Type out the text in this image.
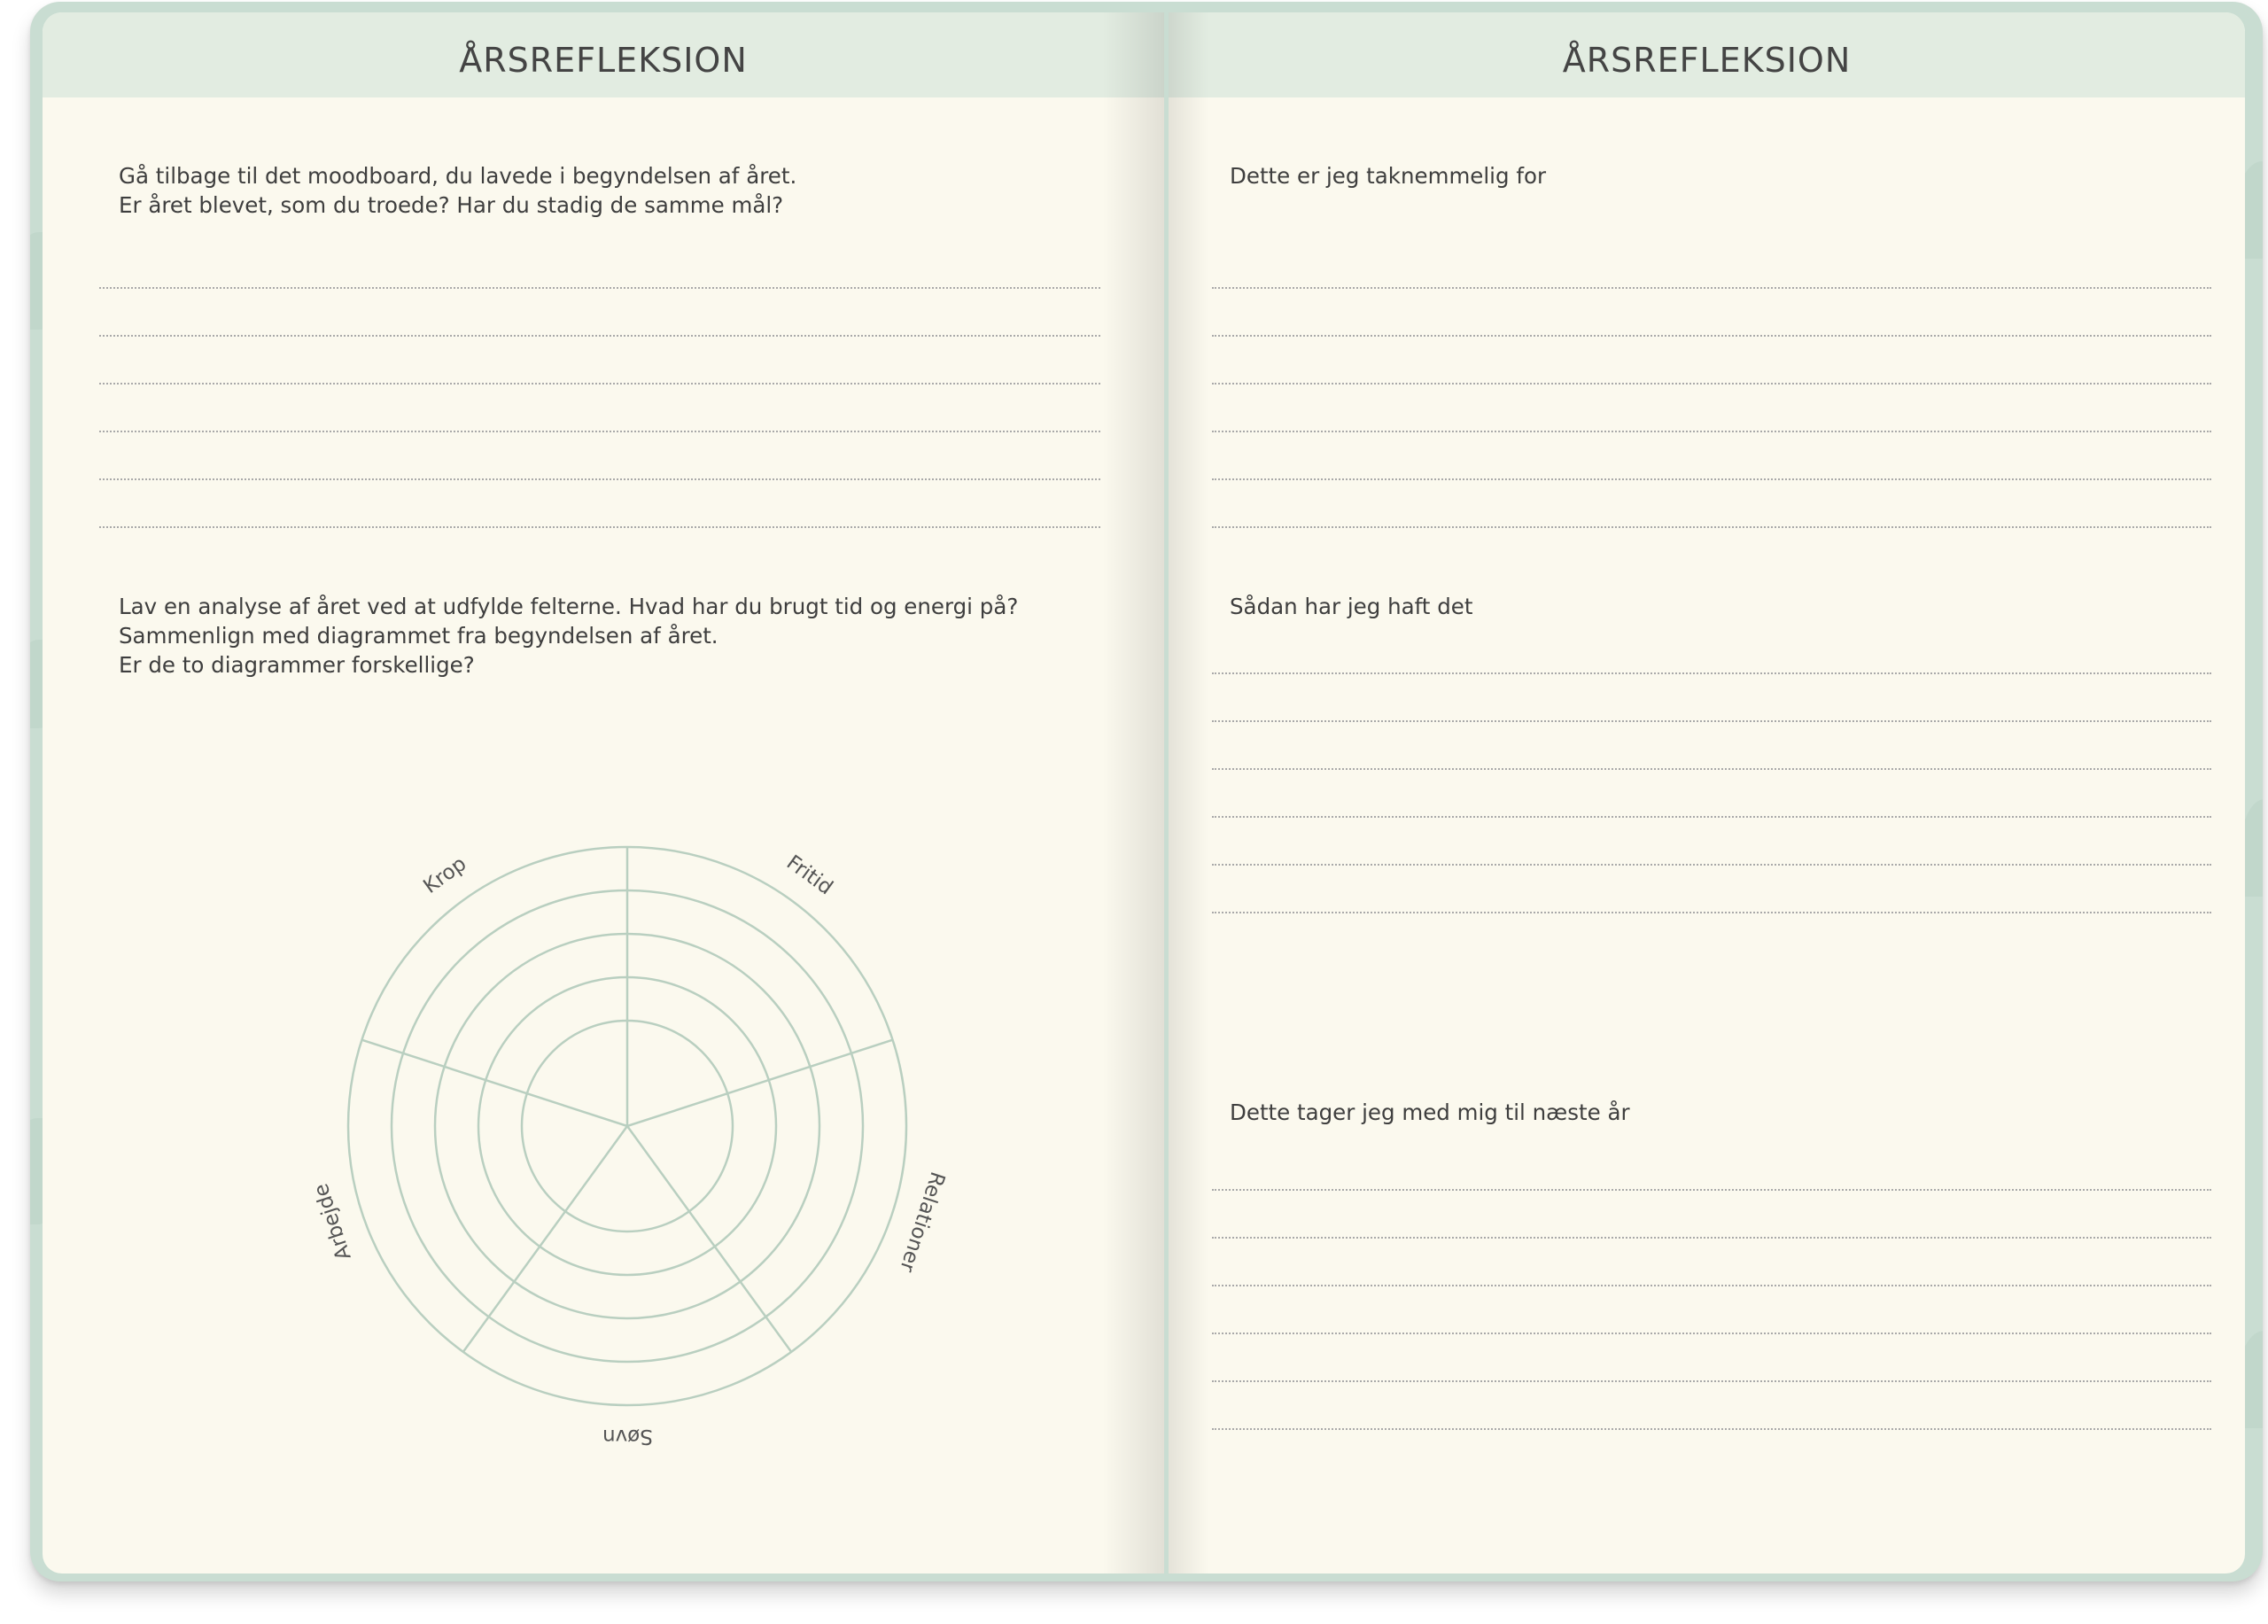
ÅRSREFLEKSION
Gå tilbage til det moodboard, du lavede i begyndelsen af året.
Er året blevet, som du troede? Har du stadig de samme mål?
Lav en analyse af året ved at udfylde felterne. Hvad har du brugt tid og energi på?
Sammenlign med diagrammet fra begyndelsen af året.
Er de to diagrammer forskellige?
Fritid
Relationer
Søvn
Arbejde
Krop
ÅRSREFLEKSION
Dette er jeg taknemmelig for
Sådan har jeg haft det
Dette tager jeg med mig til næste år
